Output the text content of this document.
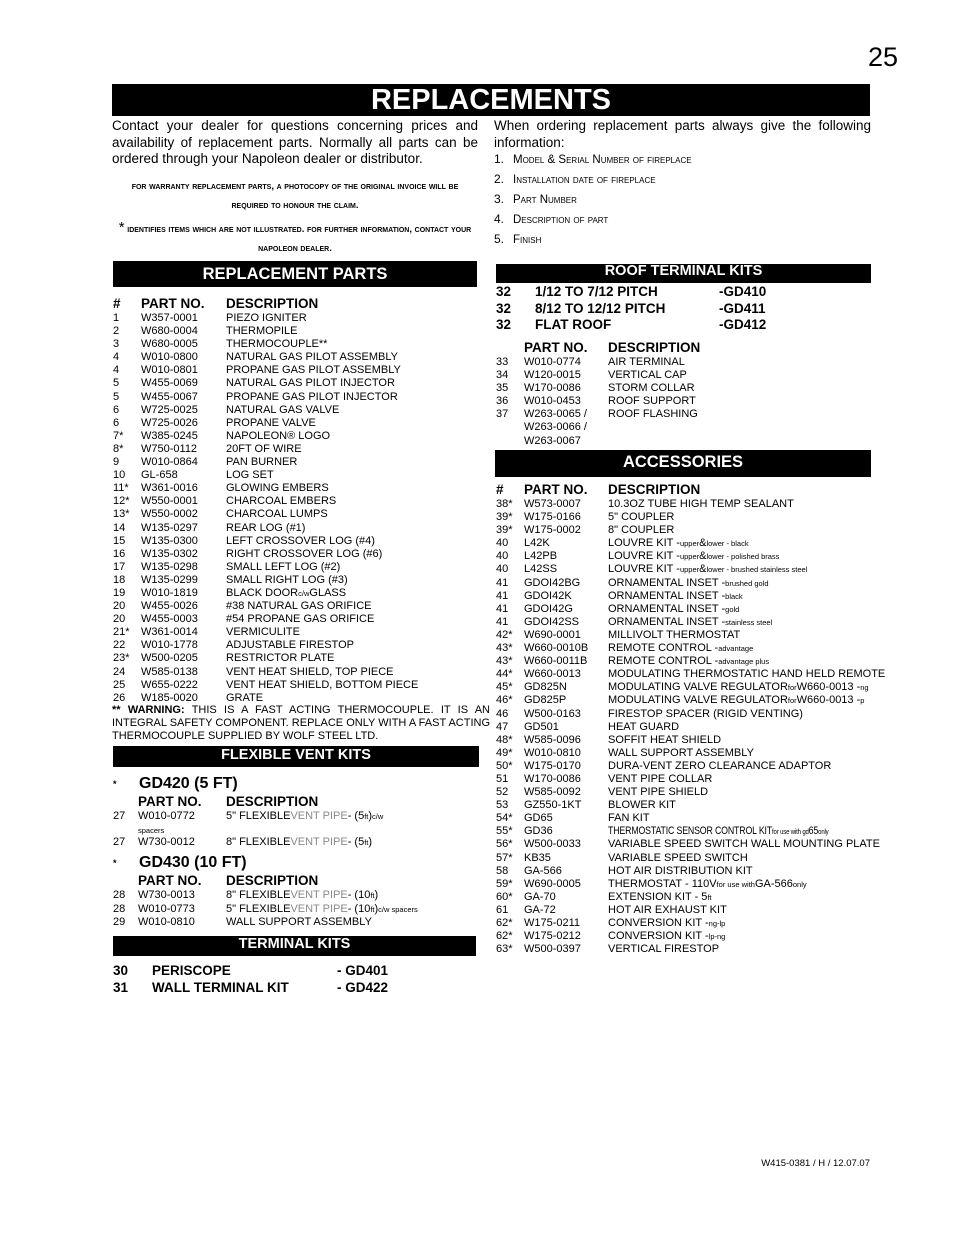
25
REPLACEMENTS
Contact your dealer for questions concerning prices and availability of replacement parts. Normally all parts can be ordered through your Napoleon dealer or distributor.
for warranty replacement parts, a photocopy of the original invoice will be required to honour the claim.
* identifies items which are not illustrated. for further information, contact your napoleon dealer.
When ordering replacement parts always give the following information:
1. Model & Serial Number of fireplace
2. Installation date of fireplace
3. Part Number
4. Description of part
5. Finish
REPLACEMENT PARTS
# PART NO. DESCRIPTION
1 W357-0001	PIEZO IGNITER
2 W680-0004	THERMOPILE
3 W680-0005	THERMOCOUPLE**
4 W010-0800	NATURAL GAS PILOT ASSEMBLY
4 W010-0801	PROPANE GAS PILOT ASSEMBLY
5 W455-0069	NATURAL GAS PILOT INJECTOR
5 W455-0067	PROPANE GAS PILOT INJECTOR
6 W725-0025	NATURAL GAS VALVE
6 W725-0026	PROPANE VALVE
7* W385-0245	NAPOLEON® LOGO
8* W750-0112	20FT OF WIRE
9 W010-0864	PAN BURNER
10 GL-658	LOG SET
11* W361-0016	GLOWING EMBERS
12* W550-0001	CHARCOAL EMBERS
13* W550-0002	CHARCOAL LUMPS
14 W135-0297	REAR LOG (#1)
15 W135-0300	LEFT CROSSOVER LOG (#4)
16 W135-0302	RIGHT CROSSOVER LOG (#6)
17 W135-0298	SMALL LEFT LOG (#2)
18 W135-0299	SMALL RIGHT LOG (#3)
19 W010-1819	BLACK DOORc/wGLASS
20 W455-0026	#38 NATURAL GAS ORIFICE
20 W455-0003	#54 PROPANE GAS ORIFICE
21* W361-0014	VERMICULITE
22 W010-1778	ADJUSTABLE FIRESTOP
23* W500-0205	RESTRICTOR PLATE
24 W585-0138	VENT HEAT SHIELD, TOP PIECE
25 W655-0222	VENT HEAT SHIELD, BOTTOM PIECE
26 W185-0020	GRATE
** WARNING: THIS IS A FAST ACTING THERMOCOUPLE. IT IS AN INTEGRAL SAFETY COMPONENT. REPLACE ONLY WITH A FAST ACTING THERMOCOUPLE SUPPLIED BY WOLF STEEL LTD.
FLEXIBLE VENT KITS
* GD420 (5 FT)
PART NO. DESCRIPTION
27 W010-0772	5" FLEXIBLEVENT PIPE- (5ft)c/w
spacers
27 W730-0012	8" FLEXIBLEVENT PIPE- (5ft)
* GD430 (10 FT)
PART NO. DESCRIPTION
28 W730-0013	8" FLEXIBLEVENT PIPE- (10ft)
28 W010-0773	5" FLEXIBLEVENT PIPE- (10ft)c/w spacers
29 W010-0810	WALL SUPPORT ASSEMBLY
TERMINAL KITS
30 PERISCOPE	- GD401
31 WALL TERMINAL KIT	- GD422
ROOF TERMINAL KITS
32 1/12 TO 7/12 PITCH	-GD410
32 8/12 TO 12/12 PITCH	-GD411
32 FLAT ROOF	-GD412
PART NO. DESCRIPTION
33 W010-0774 AIR TERMINAL
34 W120-0015 VERTICAL CAP
35 W170-0086 STORM COLLAR
36 W010-0453 ROOF SUPPORT
37 W263-0065 / ROOF FLASHING
W263-0066 /
W263-0067
ACCESSORIES
# PART NO. DESCRIPTION
38* W573-0007 10.3OZ TUBE HIGH TEMP SEALANT
39* W175-0166 5" COUPLER
39* W175-0002 8" COUPLER
40 L42K	LOUVRE KIT -upper&lower - black
40 L42PB	LOUVRE KIT -upper&lower - polished brass
40 L42SS	LOUVRE KIT -upper&lower - brushed stainless steel
41 GDOI42BG	ORNAMENTAL INSET -brushed gold
41 GDOI42K	ORNAMENTAL INSET -black
41 GDOI42G	ORNAMENTAL INSET -gold
41 GDOI42SS	ORNAMENTAL INSET -stainless steel
42* W690-0001 MILLIVOLT THERMOSTAT
43* W660-0010B REMOTE CONTROL -advantage
43* W660-0011B REMOTE CONTROL -advantage plus
44* W660-0013 MODULATING THERMOSTATIC HAND HELD REMOTE
45* GD825N	MODULATING VALVE REGULATORforW660-0013 -ng
46* GD825P	MODULATING VALVE REGULATORforW660-0013 -p
46 W500-0163 FIRESTOP SPACER (RIGID VENTING)
47 GD501	HEAT GUARD
48* W585-0096 SOFFIT HEAT SHIELD
49* W010-0810 WALL SUPPORT ASSEMBLY
50* W175-0170 DURA-VENT ZERO CLEARANCE ADAPTOR
51 W170-0086 VENT PIPE COLLAR
52 W585-0092 VENT PIPE SHIELD
53 GZ550-1KT BLOWER KIT
54* GD65	FAN KIT
55* GD36	THERMOSTATIC SENSOR CONTROL KITfor use with gd65only
56* W500-0033 VARIABLE SPEED SWITCH WALL MOUNTING PLATE
57* KB35	VARIABLE SPEED SWITCH
58 GA-566	HOT AIR DISTRIBUTION KIT
59* W690-0005 THERMOSTAT - 110Vfor use withGA-566only
60* GA-70	EXTENSION KIT - 5ft
61 GA-72	HOT AIR EXHAUST KIT
62* W175-0211	CONVERSION KIT -ng-lp
62* W175-0212 CONVERSION KIT -lp-ng
63* W500-0397 VERTICAL FIRESTOP
W415-0381 / H / 12.07.07
